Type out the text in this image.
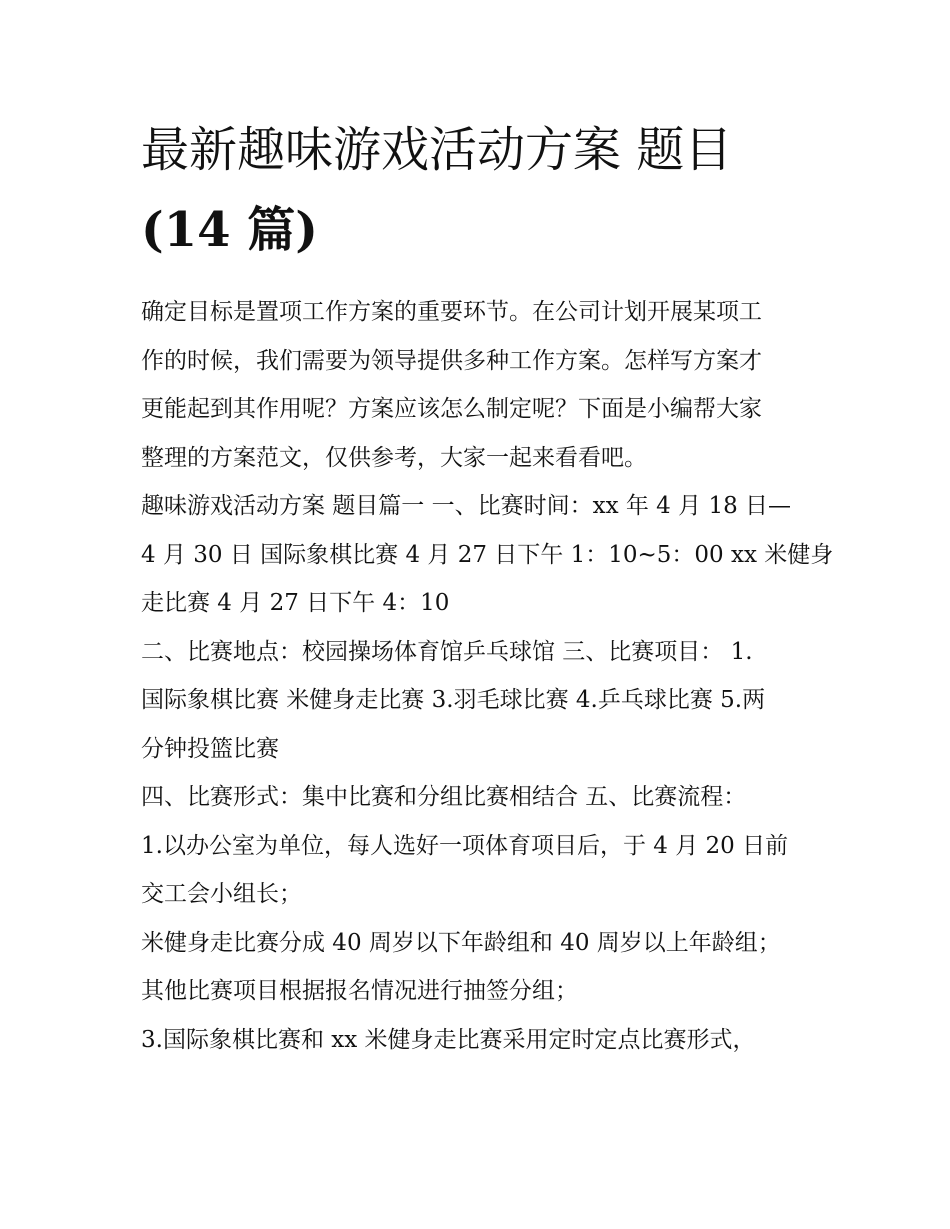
最新趣味游戏活动方案 题目
(14 篇)

确定目标是置项工作方案的重要环节。在公司计划开展某项工
作的时候，我们需要为领导提供多种工作方案。怎样写方案才
更能起到其作用呢？方案应该怎么制定呢？下面是小编帮大家
整理的方案范文，仅供参考，大家一起来看看吧。

趣味游戏活动方案 题目篇一 一、比赛时间：xx 年 4 月 18 日—
4 月 30 日 国际象棋比赛 4 月 27 日下午 1：10~5：00 xx 米健身
走比赛 4 月 27 日下午 4：10

二、比赛地点：校园操场体育馆乒乓球馆 三、比赛项目： 1.
国际象棋比赛 米健身走比赛 3.羽毛球比赛 4.乒乓球比赛 5.两
分钟投篮比赛

四、比赛形式：集中比赛和分组比赛相结合 五、比赛流程：

1.以办公室为单位，每人选好一项体育项目后，于 4 月 20 日前
交工会小组长；

米健身走比赛分成 40 周岁以下年龄组和 40 周岁以上年龄组；

其他比赛项目根据报名情况进行抽签分组；

3.国际象棋比赛和 xx 米健身走比赛采用定时定点比赛形式，
